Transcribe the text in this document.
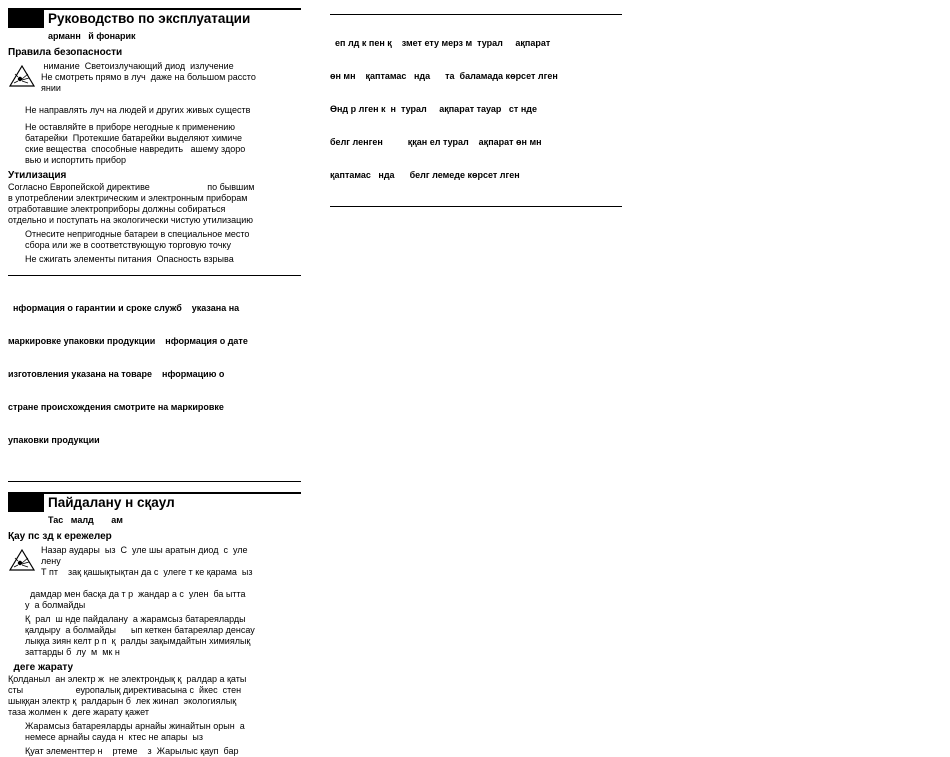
Руководство по эксплуатации
арманн   й фонарик
Правила безопасности
нимание  Светоизлучающий диод  излучение
Не смотреть прямо в луч  даже на большом рассто
янии
Не направлять луч на людей и других живых существ
Не оставляйте в приборе негодные к применению
батарейки  Протекшие батарейки выделяют химиче
ские вещества  способные навредить   ашему здоро
вью и испортить прибор
Утилизация
Согласно Европейской директиве                       по бывшим
в употреблении электрическим и электронным приборам
отработавшие электроприборы должны собираться
отдельно и поступать на экологически чистую утилизацию
Отнесите непригодные батареи в специальное место
сбора или же в соответствующую торговую точку
Не сжигать элементы питания  Опасность взрыва

нформация о гарантии и сроке служб    указана на

маркировке упаковки продукции    нформация о дате

изготовления указана на товаре    нформацию о

стране происхождения смотрите на маркировке

упаковки продукции

Пайдалану н сқаул
Тас   малд       ам
Қау пс зд к ережелер
Назар аудары  ыз  С  уле шы аратын диод  с  уле
лену
Т пт    зақ қашықтықтан да с  улеге т ке қарама  ыз
дамдар мен басқа да т р  жандар а с  улен  ба ытта
у  а болмайды
Қ  рал  ш нде пайдалану  а жарамсыз батареяларды
қалдыру  а болмайды      ып кеткен батареялар денсау
лыққа зиян келт р п  қ  ралды зақымдайтын химиялық
заттарды б  лу  м  мк н
деге жарату
Қолданыл  ан электр ж  не электрондық қ  ралдар а қаты
сты                     еуропалық директивасына с  йкес  стен
шыққан электр қ  ралдарын б  лек жинап  экологиялық
таза жолмен к  деге жарату қажет
Жарамсыз батареяларды арнайы жинайтын орын  а
немесе арнайы сауда н  ктес не апары  ыз
Қуат элементтер н    ртеме    з  Жарылыс қауп  бар

еп лд к пен қ    змет ету мерз м  турал     ақпарат

өн мн    қаптамас   нда      та  баламада көрсет лген

Өнд р лген к  н  турал     ақпарат тауар   ст нде

белг ленген          ққан ел турал    ақпарат өн мн

қаптамас   нда      белг лемеде көрсет лген
